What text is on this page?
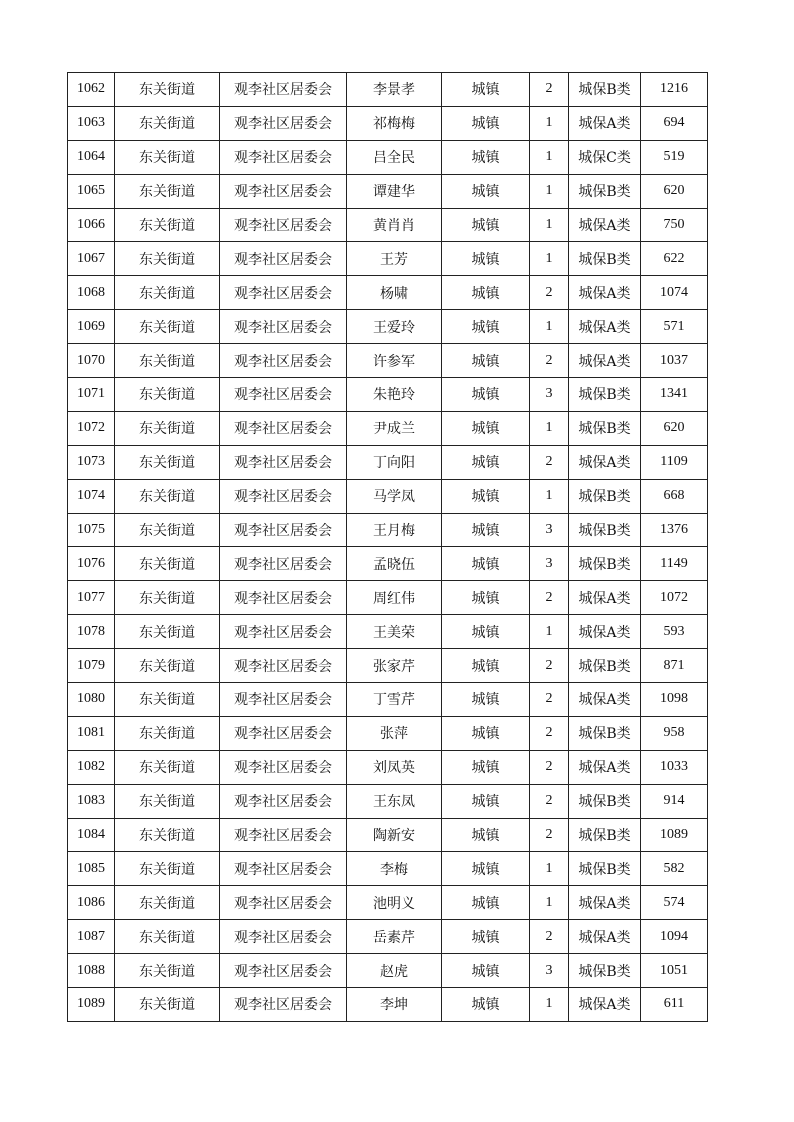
1062	东关街道	观李社区居委会	李景孝	城镇	2	城保B类	1216
1063	东关街道	观李社区居委会	祁梅梅	城镇	1	城保A类	694
1064	东关街道	观李社区居委会	吕全民	城镇	1	城保C类	519
1065	东关街道	观李社区居委会	谭建华	城镇	1	城保B类	620
1066	东关街道	观李社区居委会	黄肖肖	城镇	1	城保A类	750
1067	东关街道	观李社区居委会	王芳	城镇	1	城保B类	622
1068	东关街道	观李社区居委会	杨啸	城镇	2	城保A类	1074
1069	东关街道	观李社区居委会	王爱玲	城镇	1	城保A类	571
1070	东关街道	观李社区居委会	许参军	城镇	2	城保A类	1037
1071	东关街道	观李社区居委会	朱艳玲	城镇	3	城保B类	1341
1072	东关街道	观李社区居委会	尹成兰	城镇	1	城保B类	620
1073	东关街道	观李社区居委会	丁向阳	城镇	2	城保A类	1109
1074	东关街道	观李社区居委会	马学凤	城镇	1	城保B类	668
1075	东关街道	观李社区居委会	王月梅	城镇	3	城保B类	1376
1076	东关街道	观李社区居委会	孟晓伍	城镇	3	城保B类	1149
1077	东关街道	观李社区居委会	周红伟	城镇	2	城保A类	1072
1078	东关街道	观李社区居委会	王美荣	城镇	1	城保A类	593
1079	东关街道	观李社区居委会	张家芹	城镇	2	城保B类	871
1080	东关街道	观李社区居委会	丁雪芹	城镇	2	城保A类	1098
1081	东关街道	观李社区居委会	张萍	城镇	2	城保B类	958
1082	东关街道	观李社区居委会	刘凤英	城镇	2	城保A类	1033
1083	东关街道	观李社区居委会	王东凤	城镇	2	城保B类	914
1084	东关街道	观李社区居委会	陶新安	城镇	2	城保B类	1089
1085	东关街道	观李社区居委会	李梅	城镇	1	城保B类	582
1086	东关街道	观李社区居委会	池明义	城镇	1	城保A类	574
1087	东关街道	观李社区居委会	岳素芹	城镇	2	城保A类	1094
1088	东关街道	观李社区居委会	赵虎	城镇	3	城保B类	1051
1089	东关街道	观李社区居委会	李坤	城镇	1	城保A类	611
